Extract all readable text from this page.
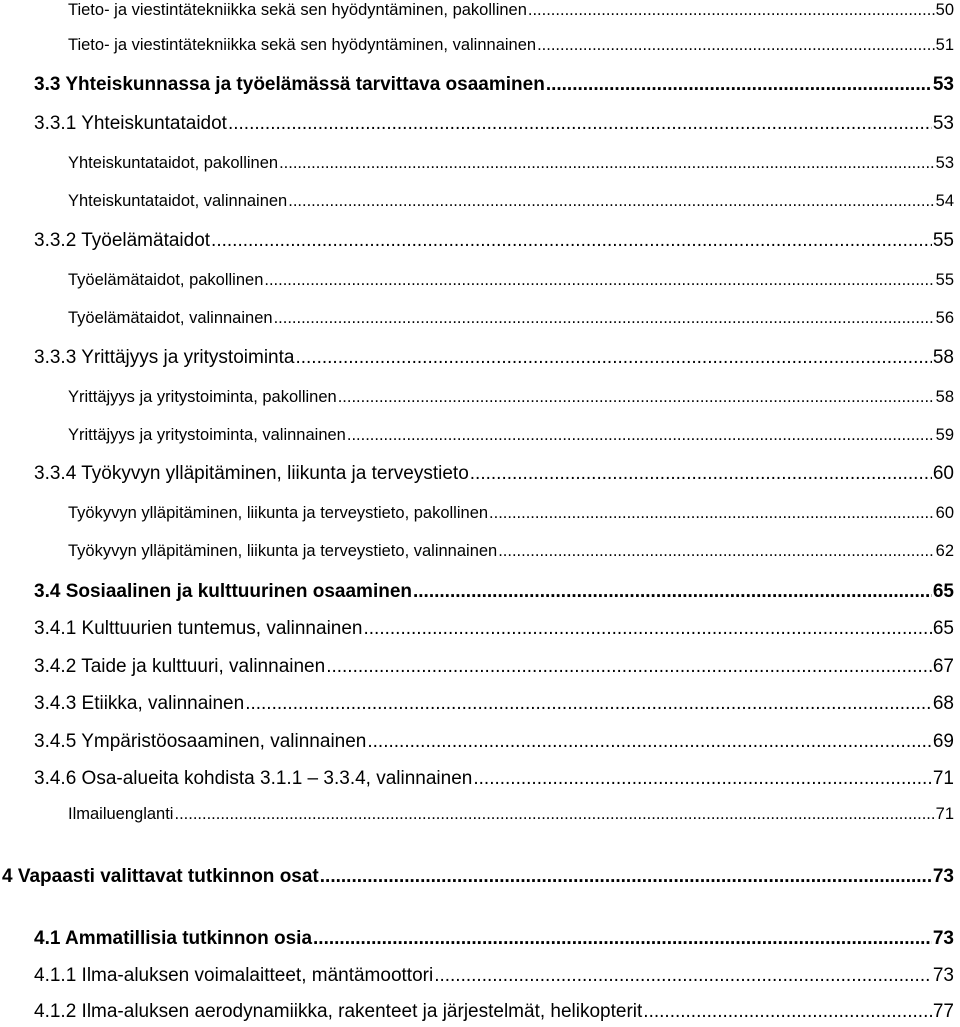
Tieto- ja viestintätekniikka sekä sen hyödyntäminen, pakollinen .....	50
Tieto- ja viestintätekniikka sekä sen hyödyntäminen, valinnainen .....	51
3.3 Yhteiskunnassa ja työelämässä tarvittava osaaminen .....	53
3.3.1 Yhteiskuntataidot .....	53
Yhteiskuntataidot, pakollinen .....	53
Yhteiskuntataidot, valinnainen .....	54
3.3.2 Työelämätaidot .....	55
Työelämätaidot, pakollinen .....	55
Työelämätaidot, valinnainen .....	56
3.3.3 Yrittäjyys ja yritystoiminta .....	58
Yrittäjyys ja yritystoiminta, pakollinen .....	58
Yrittäjyys ja yritystoiminta, valinnainen .....	59
3.3.4 Työkyvyn ylläpitäminen, liikunta ja terveystieto .....	60
Työkyvyn ylläpitäminen, liikunta ja terveystieto, pakollinen .....	60
Työkyvyn ylläpitäminen, liikunta ja terveystieto, valinnainen .....	62
3.4 Sosiaalinen ja kulttuurinen osaaminen .....	65
3.4.1 Kulttuurien tuntemus, valinnainen .....	65
3.4.2 Taide ja kulttuuri, valinnainen .....	67
3.4.3 Etiikka, valinnainen .....	68
3.4.5 Ympäristöosaaminen, valinnainen .....	69
3.4.6 Osa-alueita kohdista 3.1.1 – 3.3.4, valinnainen .....	71
Ilmailuenglanti .....	71
4 Vapaasti valittavat tutkinnon osat .....	73
4.1 Ammatillisia tutkinnon osia .....	73
4.1.1 Ilma-aluksen voimalaitteet, mäntämoottori .....	73
4.1.2 Ilma-aluksen aerodynamiikka, rakenteet ja järjestelmät, helikopterit .....	77
